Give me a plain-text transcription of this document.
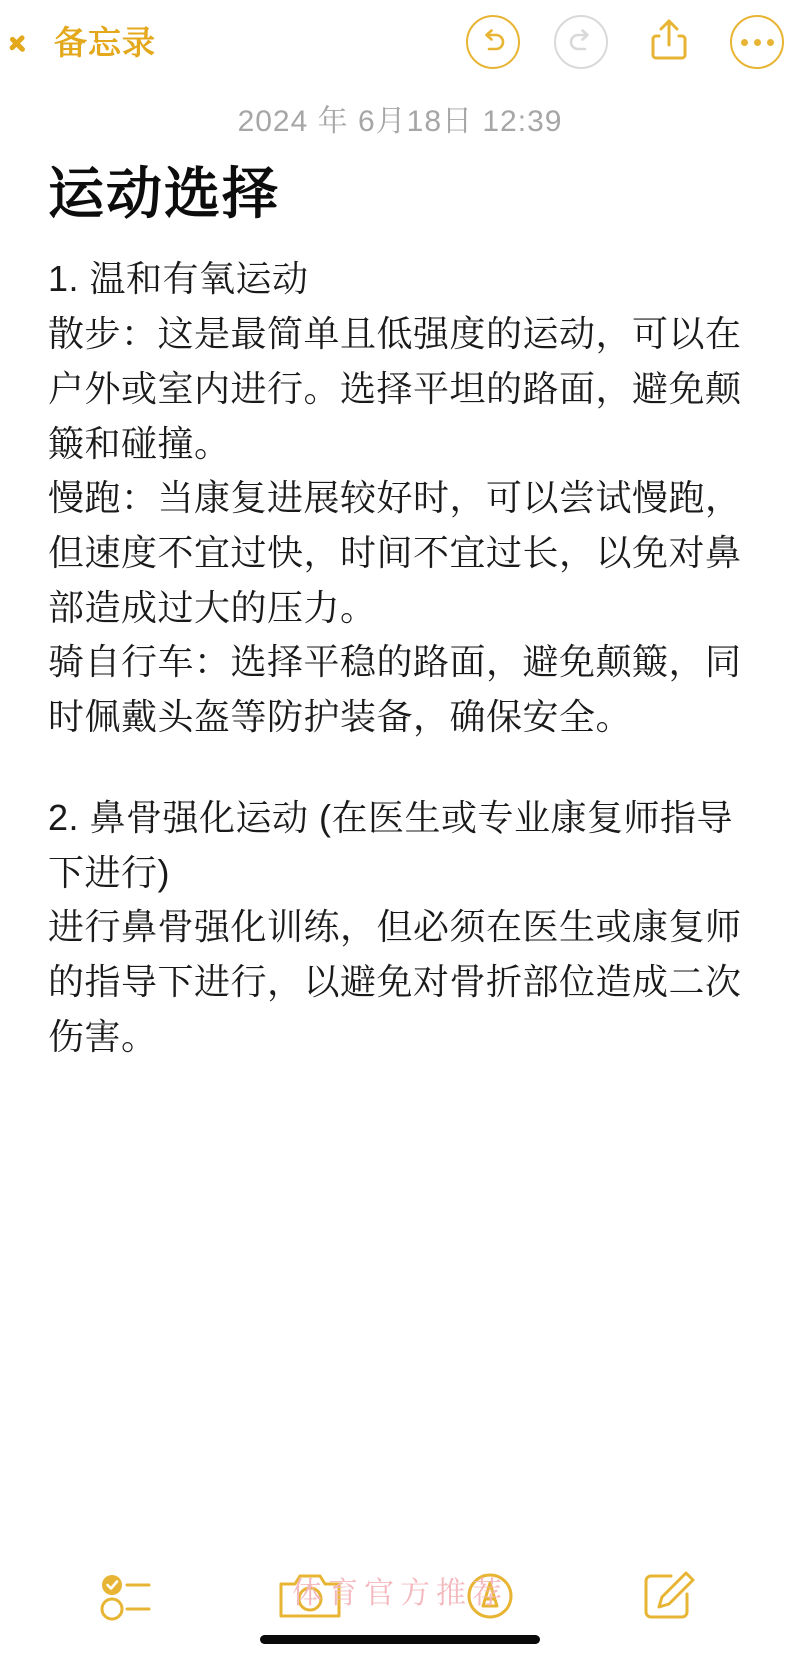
备忘录
2024 年 6月18日 12:39
运动选择

1. 温和有氧运动

散步：这是最简单且低强度的运动，可以在户外或室内进行。选择平坦的路面，避免颠簸和碰撞。

慢跑：当康复进展较好时，可以尝试慢跑，但速度不宜过快，时间不宜过长，以免对鼻部造成过大的压力。

骑自行车：选择平稳的路面，避免颠簸，同时佩戴头盔等防护装备，确保安全。

2. 鼻骨强化运动 (在医生或专业康复师指导下进行)

进行鼻骨强化训练，但必须在医生或康复师的指导下进行，以避免对骨折部位造成二次伤害。

体育官方推荐
